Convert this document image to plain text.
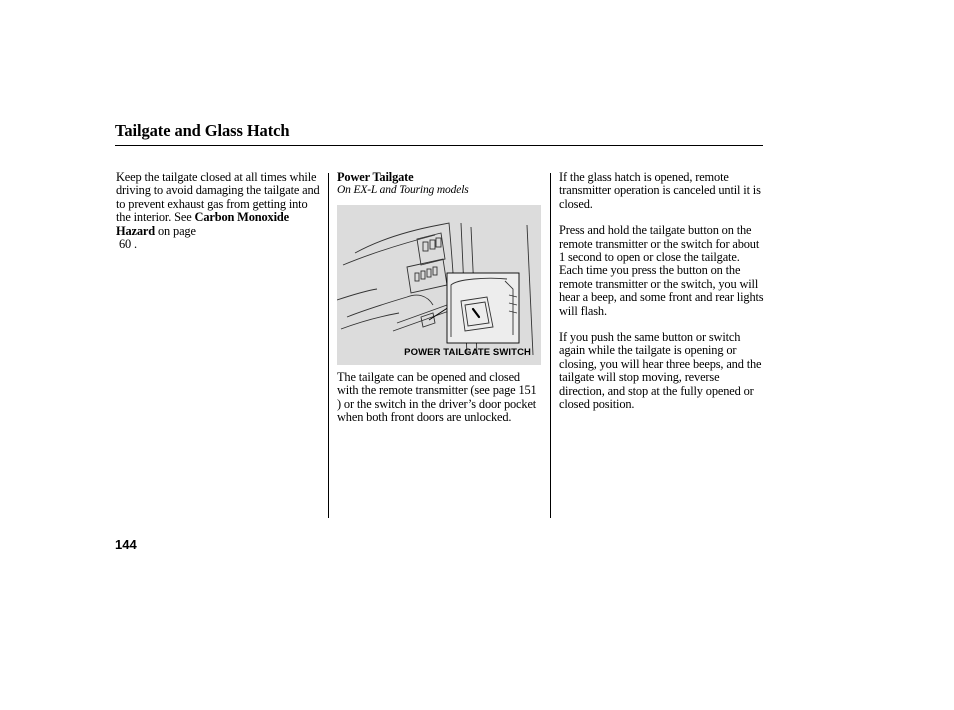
Tailgate and Glass Hatch

Keep the tailgate closed at all times while driving to avoid damaging the tailgate and to prevent exhaust gas from getting into the interior. See Carbon Monoxide Hazard on page
60 .

Power Tailgate

On EX-L and Touring models

POWER TAILGATE SWITCH

The tailgate can be opened and closed with the remote transmitter (see page 151 ) or the switch in the driver’s door pocket when both front doors are unlocked.

If the glass hatch is opened, remote transmitter operation is canceled until it is closed.

Press and hold the tailgate button on the remote transmitter or the switch for about 1 second to open or close the tailgate. Each time you press the button on the remote transmitter or the switch, you will hear a beep, and some front and rear lights will flash.

If you push the same button or switch again while the tailgate is opening or closing, you will hear three beeps, and the tailgate will stop moving, reverse direction, and stop at the fully opened or closed position.

144
